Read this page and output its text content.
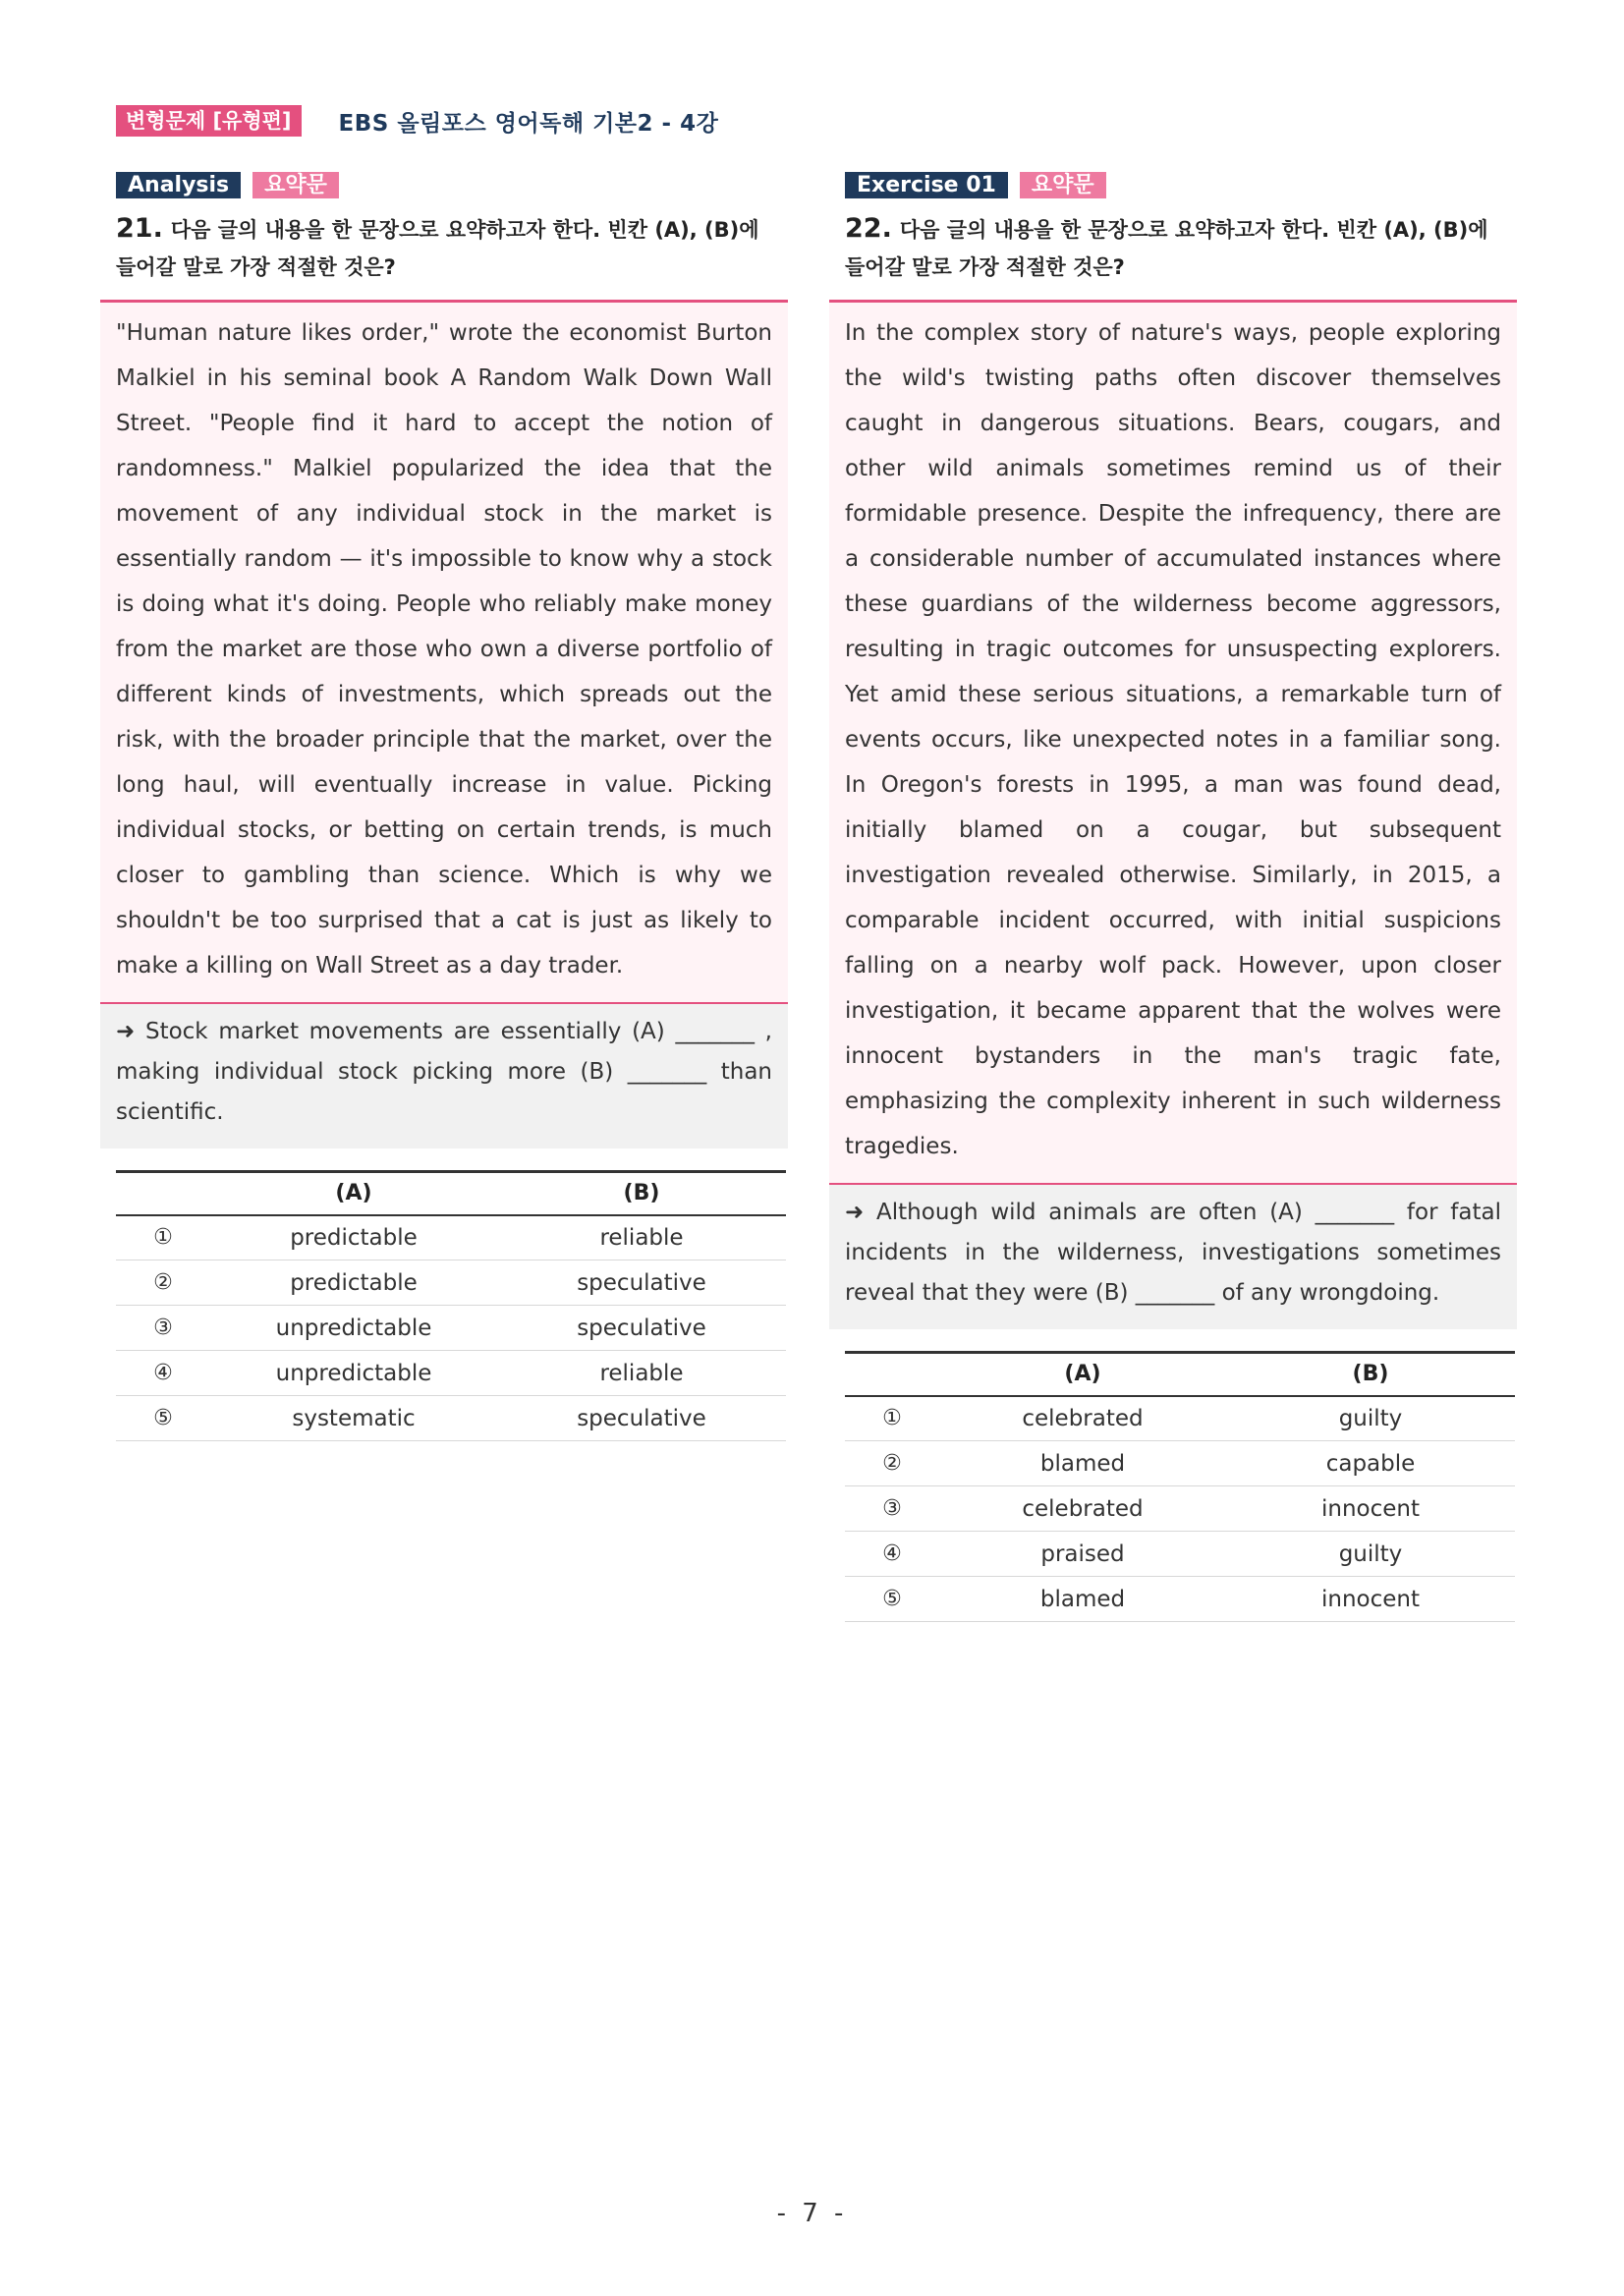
변형문제 [유형편]	EBS 올림포스 영어독해 기본2 - 4강
Analysis	요약문
21. 다음 글의 내용을 한 문장으로 요약하고자 한다. 빈칸 (A), (B)에 들어갈 말로 가장 적절한 것은?

"Human nature likes order," wrote the economist Burton Malkiel in his seminal book A Random Walk Down Wall Street. "People find it hard to accept the notion of randomness." Malkiel popularized the idea that the movement of any individual stock in the market is essentially random — it's impossible to know why a stock is doing what it's doing. People who reliably make money from the market are those who own a diverse portfolio of different kinds of investments, which spreads out the risk, with the broader principle that the market, over the long haul, will eventually increase in value. Picking individual stocks, or betting on certain trends, is much closer to gambling than science. Which is why we shouldn't be too surprised that a cat is just as likely to make a killing on Wall Street as a day trader.

➜ Stock market movements are essentially (A) _______ , making individual stock picking more (B) _______ than scientific.

	(A)	(B)
①	predictable	reliable
②	predictable	speculative
③	unpredictable	speculative
④	unpredictable	reliable
⑤	systematic	speculative
Exercise 01	요약문
22. 다음 글의 내용을 한 문장으로 요약하고자 한다. 빈칸 (A), (B)에 들어갈 말로 가장 적절한 것은?

In the complex story of nature's ways, people exploring the wild's twisting paths often discover themselves caught in dangerous situations. Bears, cougars, and other wild animals sometimes remind us of their formidable presence. Despite the infrequency, there are a considerable number of accumulated instances where these guardians of the wilderness become aggressors, resulting in tragic outcomes for unsuspecting explorers. Yet amid these serious situations, a remarkable turn of events occurs, like unexpected notes in a familiar song. In Oregon's forests in 1995, a man was found dead, initially blamed on a cougar, but subsequent investigation revealed otherwise. Similarly, in 2015, a comparable incident occurred, with initial suspicions falling on a nearby wolf pack. However, upon closer investigation, it became apparent that the wolves were innocent bystanders in the man's tragic fate, emphasizing the complexity inherent in such wilderness tragedies.

➜ Although wild animals are often (A) _______ for fatal incidents in the wilderness, investigations sometimes reveal that they were (B) _______ of any wrongdoing.

	(A)	(B)
①	celebrated	guilty
②	blamed	capable
③	celebrated	innocent
④	praised	guilty
⑤	blamed	innocent
- 7 -
